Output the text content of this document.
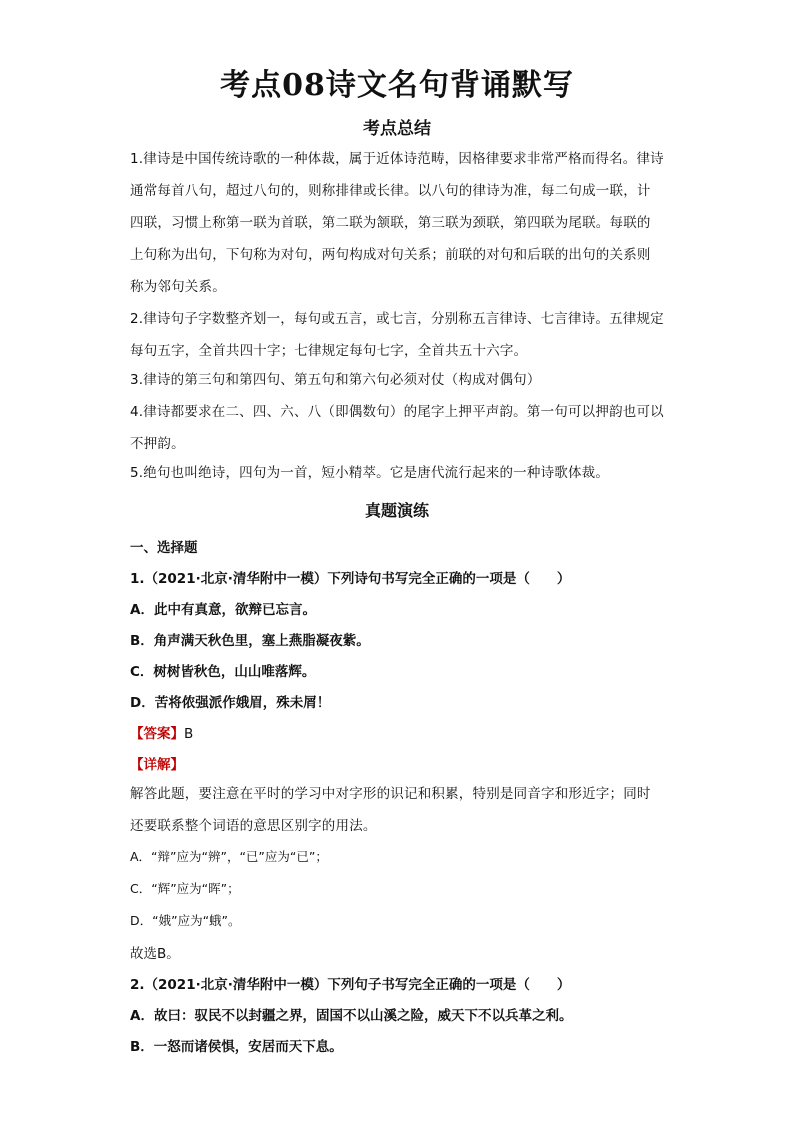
考点08诗文名句背诵默写
考点总结
1.律诗是中国传统诗歌的一种体裁，属于近体诗范畴，因格律要求非常严格而得名。律诗通常每首八句，超过八句的，则称排律或长律。以八句的律诗为准，每二句成一联，计四联，习惯上称第一联为首联，第二联为颔联，第三联为颈联，第四联为尾联。每联的上句称为出句，下句称为对句，两句构成对句关系；前联的对句和后联的出句的关系则称为邻句关系。
2.律诗句子字数整齐划一，每句或五言，或七言，分别称五言律诗、七言律诗。五律规定每句五字，全首共四十字；七律规定每句七字，全首共五十六字。
3.律诗的第三句和第四句、第五句和第六句必须对仗（构成对偶句）
4.律诗都要求在二、四、六、八（即偶数句）的尾字上押平声韵。第一句可以押韵也可以不押韵。
5.绝句也叫绝诗，四句为一首，短小精萃。它是唐代流行起来的一种诗歌体裁。
真题演练
一、选择题
1.（2021·北京·清华附中一模）下列诗句书写完全正确的一项是（　　）
A．此中有真意，欲辩已忘言。
B．角声满天秋色里，塞上燕脂凝夜紫。
C．树树皆秋色，山山唯落辉。
D．苦将侬强派作娥眉，殊未屑！
【答案】B
【详解】
解答此题，要注意在平时的学习中对字形的识记和积累，特别是同音字和形近字；同时还要联系整个词语的意思区别字的用法。
A．“辩”应为“辨”，“已”应为“已”；
C．“辉”应为“晖”；
D．“娥”应为“蛾”。
故选B。
2.（2021·北京·清华附中一模）下列句子书写完全正确的一项是（　　）
A．故曰：驭民不以封疆之界，固国不以山溪之险，威天下不以兵革之利。
B．一怒而诸侯惧，安居而天下息。
